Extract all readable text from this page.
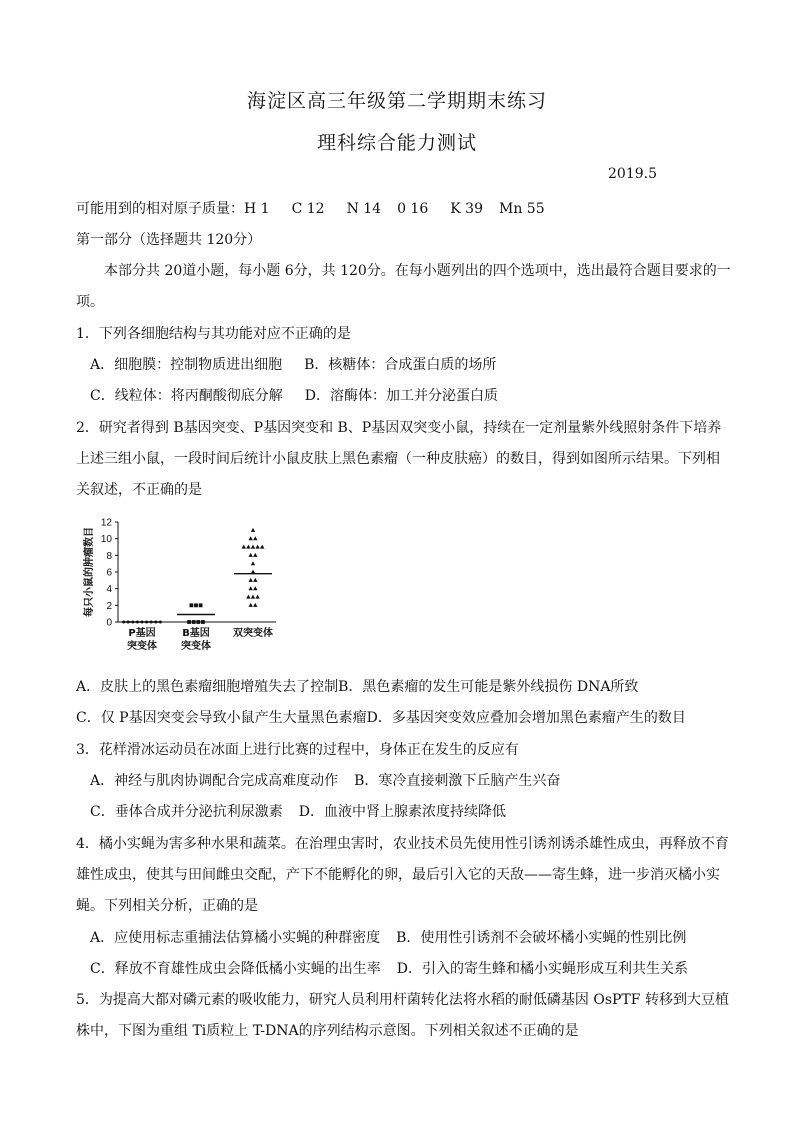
海淀区高三年级第二学期期末练习
理科综合能力测试
2019.5
可能用到的相对原子质量：H 1 C 12 N 14 0 16 K 39 Mn 55
第一部分（选择题共 120分）
本部分共 20道小题，每小题 6分，共 120分。在每小题列出的四个选项中，选出最符合题目要求的一
项。
1．下列各细胞结构与其功能对应不正确的是
A．细胞膜：控制物质进出细胞 B．核糖体：合成蛋白质的场所
C．线粒体：将丙酮酸彻底分解 D．溶酶体：加工并分泌蛋白质
2．研究者得到 B基因突变、P基因突变和 B、P基因双突变小鼠，持续在一定剂量紫外线照射条件下培养
上述三组小鼠，一段时间后统计小鼠皮肤上黑色素瘤（一种皮肤癌）的数目，得到如图所示结果。下列相
关叙述，不正确的是
0
2
4
6
8
10
12
每只小鼠的肿瘤数目
P基因
突变体
B基因
突变体
双突变体
A．皮肤上的黑色素瘤细胞增殖失去了控制B．黑色素瘤的发生可能是紫外线损伤 DNA所致
C．仅 P基因突变会导致小鼠产生大量黑色素瘤D．多基因突变效应叠加会增加黑色素瘤产生的数目
3．花样滑冰运动员在冰面上进行比赛的过程中，身体正在发生的反应有
A．神经与肌肉协调配合完成高难度动作 B．寒冷直接刺激下丘脑产生兴奋
C．垂体合成并分泌抗利尿激素 D．血液中肾上腺素浓度持续降低
4．橘小实蝇为害多种水果和蔬菜。在治理虫害时，农业技术员先使用性引诱剂诱杀雄性成虫，再释放不育
雄性成虫，使其与田间雌虫交配，产下不能孵化的卵，最后引入它的天敌——寄生蜂，进一步消灭橘小实
蝇。下列相关分析，正确的是
A．应使用标志重捕法估算橘小实蝇的种群密度 B．使用性引诱剂不会破坏橘小实蝇的性别比例
C．释放不育雄性成虫会降低橘小实蝇的出生率 D．引入的寄生蜂和橘小实蝇形成互利共生关系
5．为提高大都对磷元素的吸收能力，研究人员利用杆菌转化法将水稻的耐低磷基因 OsPTF 转移到大豆植
株中，下图为重组 Ti质粒上 T-DNA的序列结构示意图。下列相关叙述不正确的是
